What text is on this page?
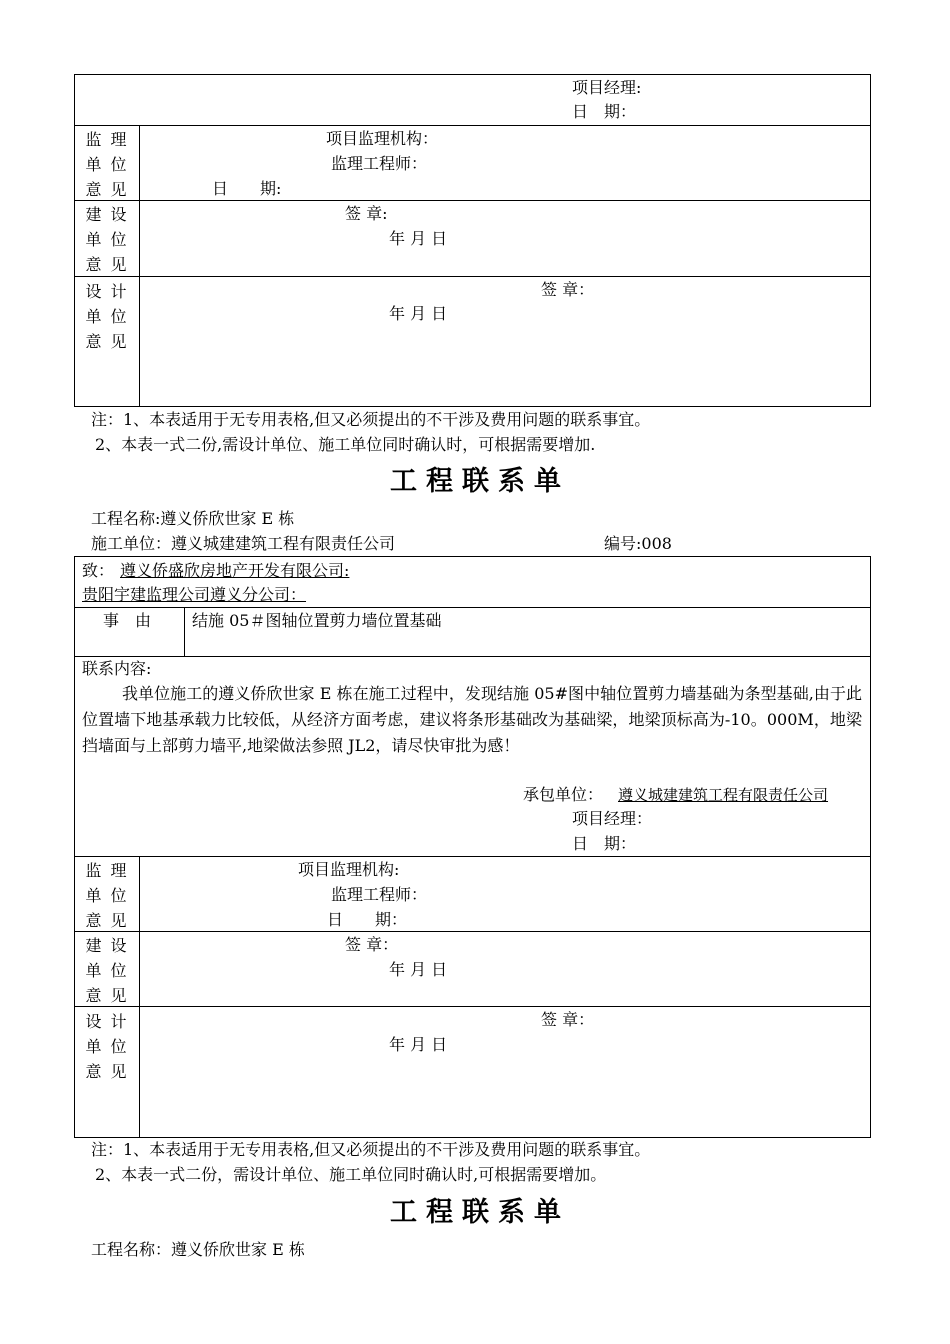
项目经理:
日　期：
监 理
单 位
意 见
项目监理机构：
监理工程师：
日　　期:
建 设
单 位
意 见
签 章:
年 月 日
设 计
单 位
意 见
签 章：
年 月 日
注：1、本表适用于无专用表格,但又必须提出的不干涉及费用问题的联系事宜。
2、本表一式二份,需设计单位、施工单位同时确认时，可根据需要增加.
工程联系单
工程名称:遵义侨欣世家 E 栋
施工单位：遵义城建建筑工程有限责任公司	编号:008
致： 遵义侨盛欣房地产开发有限公司:
贵阳宇建监理公司遵义分公司：
事　由	结施 05＃图轴位置剪力墙位置基础
联系内容:
我单位施工的遵义侨欣世家 E 栋在施工过程中，发现结施 05#图中轴位置剪力墙基础为条型基础,由于此位置墙下地基承载力比较低，从经济方面考虑，建议将条形基础改为基础梁，地梁顶标高为-10。000M，地梁挡墙面与上部剪力墙平,地梁做法参照 JL2，请尽快审批为感！
承包单位： 遵义城建建筑工程有限责任公司
项目经理：
日　期：
监 理
单 位
意 见
项目监理机构:
监理工程师：
日　　期：
建 设
单 位
意 见
签 章：
年 月 日
设 计
单 位
意 见
签 章：
年 月 日
注：1、本表适用于无专用表格,但又必须提出的不干涉及费用问题的联系事宜。
2、本表一式二份，需设计单位、施工单位同时确认时,可根据需要增加。
工程联系单
工程名称：遵义侨欣世家 E 栋
